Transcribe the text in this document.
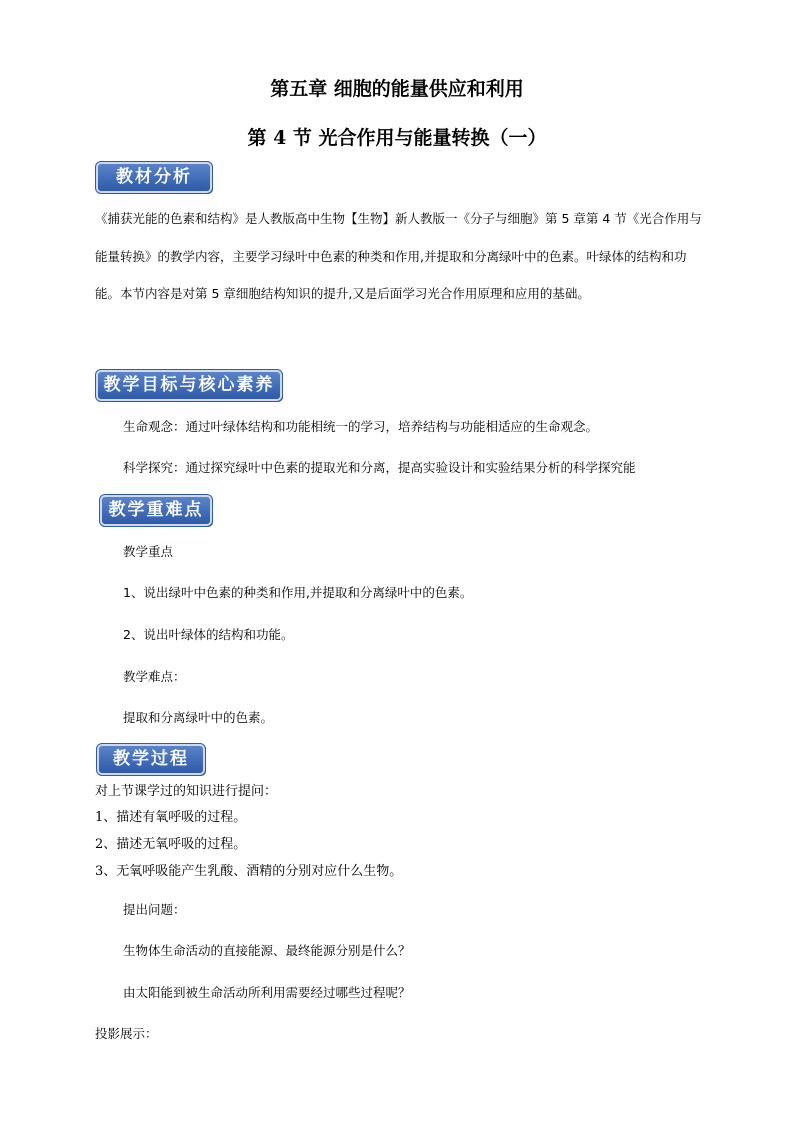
第五章 细胞的能量供应和利用
第 4 节 光合作用与能量转换（一）
教材分析
《捕获光能的色素和结构》是人教版高中生物【生物】新人教版一《分子与细胞》第 5 章第 4 节《光合作用与能量转换》的教学内容，主要学习绿叶中色素的种类和作用,并提取和分离绿叶中的色素。叶绿体的结构和功能。本节内容是对第 5 章细胞结构知识的提升,又是后面学习光合作用原理和应用的基础。
教学目标与核心素养
生命观念：通过叶绿体结构和功能相统一的学习，培养结构与功能相适应的生命观念。
科学探究：通过探究绿叶中色素的提取光和分离，提高实验设计和实验结果分析的科学探究能
教学重难点
教学重点
1、说出绿叶中色素的种类和作用,并提取和分离绿叶中的色素。
2、说出叶绿体的结构和功能。
教学难点：
提取和分离绿叶中的色素。
教学过程
对上节课学过的知识进行提问：
1、描述有氧呼吸的过程。
2、描述无氧呼吸的过程。
3、无氧呼吸能产生乳酸、酒精的分别对应什么生物。
提出问题：
生物体生命活动的直接能源、最终能源分别是什么？
由太阳能到被生命活动所利用需要经过哪些过程呢？
投影展示：
